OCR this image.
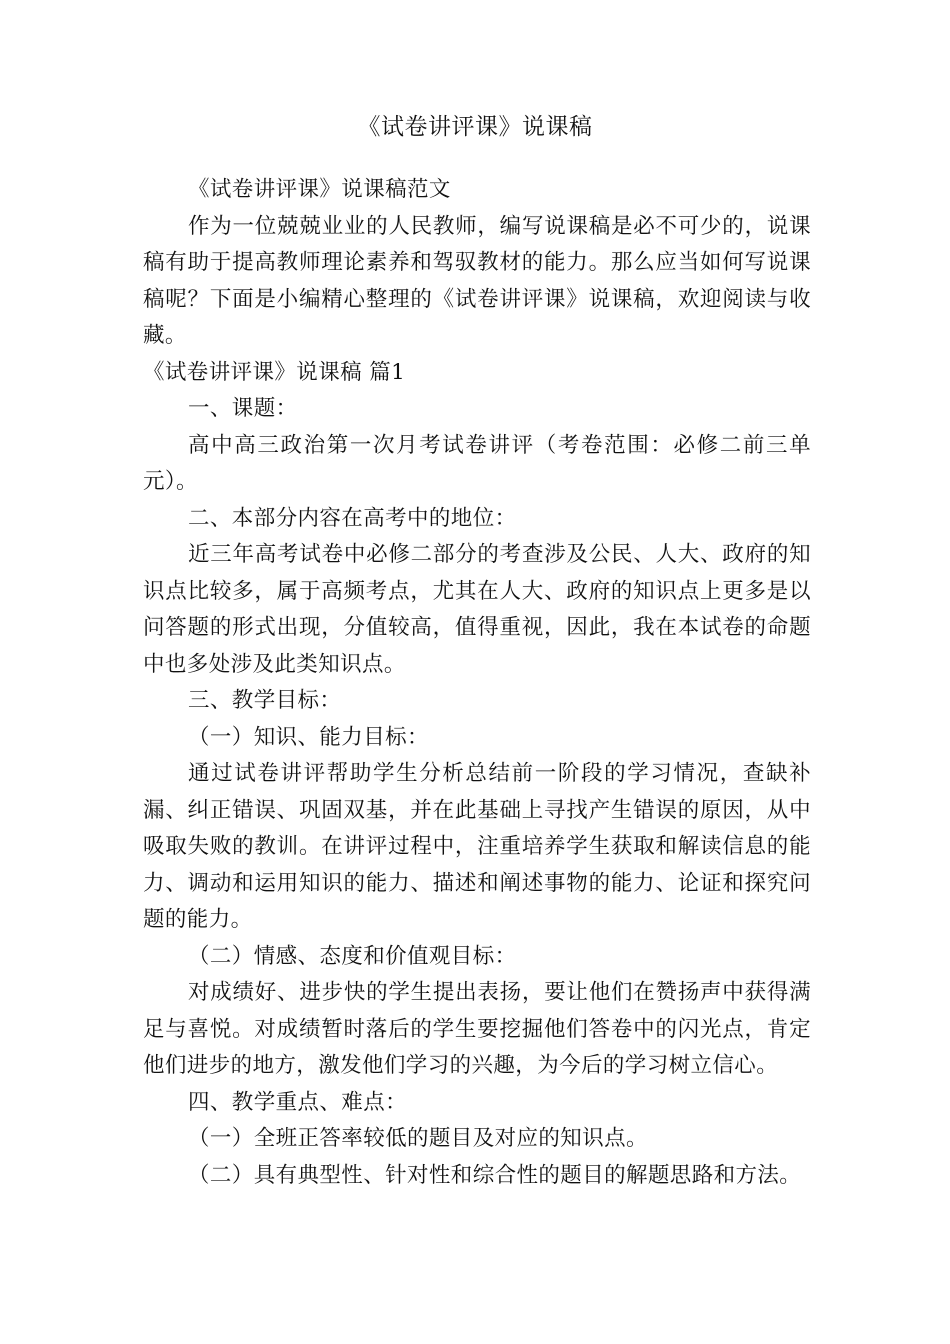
《试卷讲评课》说课稿

《试卷讲评课》说课稿范文

作为一位兢兢业业的人民教师，编写说课稿是必不可少的，说课稿有助于提高教师理论素养和驾驭教材的能力。那么应当如何写说课稿呢？下面是小编精心整理的《试卷讲评课》说课稿，欢迎阅读与收藏。

《试卷讲评课》说课稿 篇1

一、课题：

高中高三政治第一次月考试卷讲评（考卷范围：必修二前三单元）。

二、本部分内容在高考中的地位：

近三年高考试卷中必修二部分的考查涉及公民、人大、政府的知识点比较多，属于高频考点，尤其在人大、政府的知识点上更多是以问答题的形式出现，分值较高，值得重视，因此，我在本试卷的命题中也多处涉及此类知识点。

三、教学目标：

（一）知识、能力目标：

通过试卷讲评帮助学生分析总结前一阶段的学习情况，查缺补漏、纠正错误、巩固双基，并在此基础上寻找产生错误的原因，从中吸取失败的教训。在讲评过程中，注重培养学生获取和解读信息的能力、调动和运用知识的能力、描述和阐述事物的能力、论证和探究问题的能力。

（二）情感、态度和价值观目标：

对成绩好、进步快的学生提出表扬，要让他们在赞扬声中获得满足与喜悦。对成绩暂时落后的学生要挖掘他们答卷中的闪光点，肯定他们进步的地方，激发他们学习的兴趣，为今后的学习树立信心。

四、教学重点、难点：

（一）全班正答率较低的题目及对应的知识点。

（二）具有典型性、针对性和综合性的题目的解题思路和方法。
